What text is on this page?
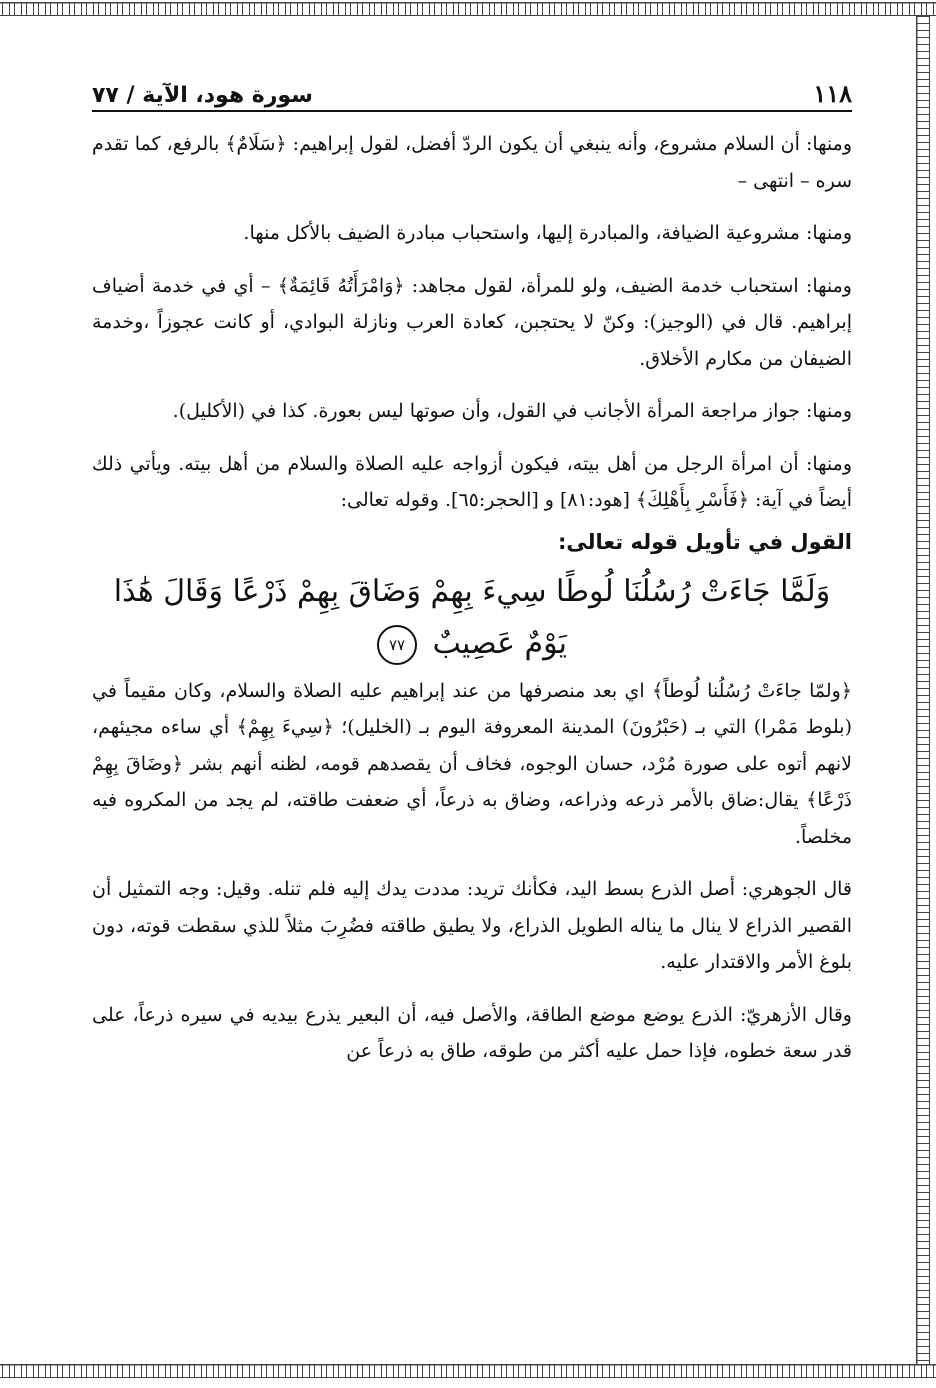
١١٨
سورة هود، الآية / ٧٧

ومنها: أن السلام مشروع، وأنه ينبغي أن يكون الردّ أفضل، لقول إبراهيم: ﴿سَلَامٌ﴾ بالرفع، كما تقدم سره – انتهى –

ومنها: مشروعية الضيافة، والمبادرة إليها، واستحباب مبادرة الضيف بالأكل منها.

ومنها: استحباب خدمة الضيف، ولو للمرأة، لقول مجاهد: ﴿وَامْرَأَتُهُ قَائِمَةٌ﴾ – أي في خدمة أضياف إبراهيم. قال في (الوجيز): وكنّ لا يحتجبن، كعادة العرب ونازلة البوادي، أو كانت عجوزاً ،وخدمة الضيفان من مكارم الأخلاق.

ومنها: جواز مراجعة المرأة الأجانب في القول، وأن صوتها ليس بعورة. كذا في (الأكليل).

ومنها: أن امرأة الرجل من أهل بيته، فيكون أزواجه عليه الصلاة والسلام من أهل بيته. ويأتي ذلك أيضاً في آية: ﴿فَأَسْرِ بِأَهْلِكَ﴾ [هود:٨١] و [الحجر:٦٥]. وقوله تعالى:

القول في تأويل قوله تعالى:

وَلَمَّا جَاءَتْ رُسُلُنَا لُوطًا سِيءَ بِهِمْ وَضَاقَ بِهِمْ ذَرْعًا وَقَالَ هَٰذَا

يَوْمٌ عَصِيبٌ ٧٧

﴿ولمّا جاءَتْ رُسُلُنا لُوطاً﴾ اي بعد منصرفها من عند إبراهيم عليه الصلاة والسلام، وكان مقيماً في (بلوط مَمْرا) التي بـ (حَبْرُونَ) المدينة المعروفة اليوم بـ (الخليل)؛ ﴿سِيءَ بِهِمْ﴾ أي ساءه مجيئهم، لانهم أتوه على صورة مُرْد، حسان الوجوه، فخاف أن يقصدهم قومه، لظنه أنهم بشر ﴿وضَاقَ بِهِمْ ذَرْعًا﴾ يقال:ضاق بالأمر ذرعه وذراعه، وضاق به ذرعاً، أي ضعفت طاقته، لم يجد من المكروه فيه مخلصاً.

قال الجوهري: أصل الذرع بسط اليد، فكأنك تريد: مددت يدك إليه فلم تنله. وقيل: وجه التمثيل أن القصير الذراع لا ينال ما يناله الطويل الذراع، ولا يطيق طاقته فضُرِبَ مثلاً للذي سقطت قوته، دون بلوغ الأمر والاقتدار عليه.

وقال الأزهريّ: الذرع يوضع موضع الطاقة، والأصل فيه، أن البعير يذرع بيديه في سيره ذرعاً، على قدر سعة خطوه، فإذا حمل عليه أكثر من طوقه، طاق به ذرعاً عن
